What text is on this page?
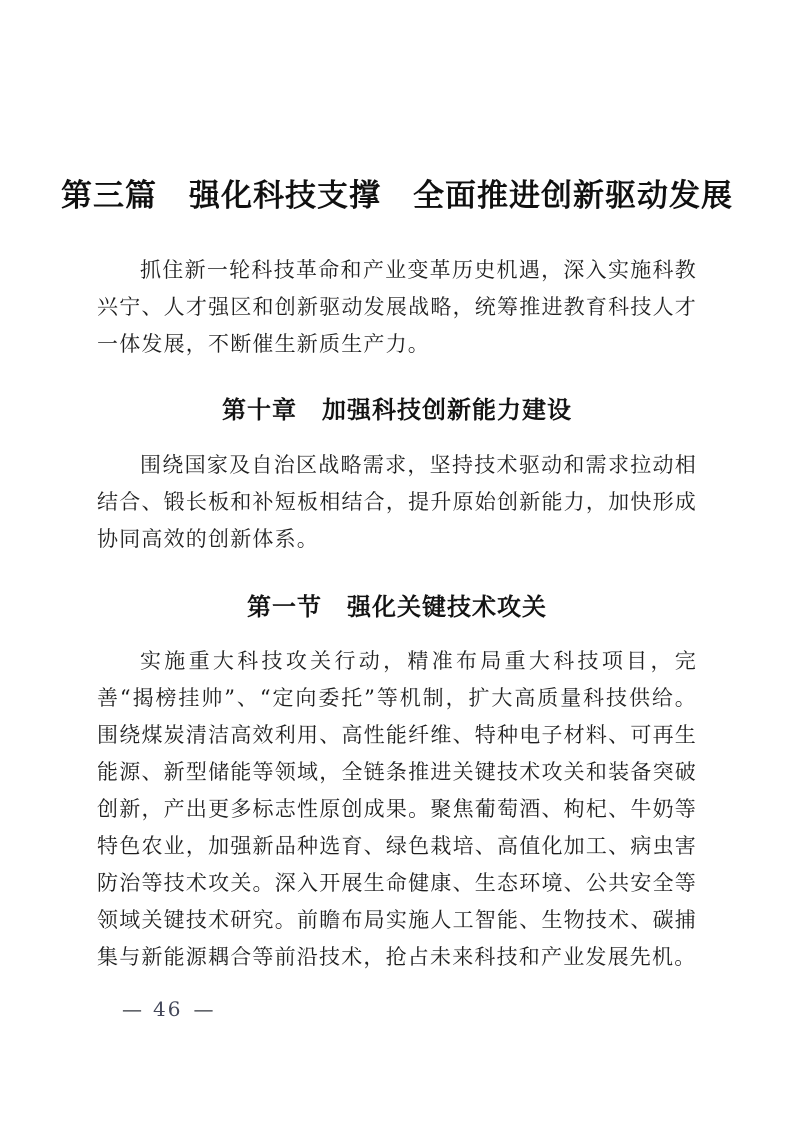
第三篇　强化科技支撑　全面推进创新驱动发展

抓住新一轮科技革命和产业变革历史机遇，深入实施科教兴宁、人才强区和创新驱动发展战略，统筹推进教育科技人才一体发展，不断催生新质生产力。

第十章　加强科技创新能力建设

围绕国家及自治区战略需求，坚持技术驱动和需求拉动相结合、锻长板和补短板相结合，提升原始创新能力，加快形成协同高效的创新体系。

第一节　强化关键技术攻关

实施重大科技攻关行动，精准布局重大科技项目，完善“揭榜挂帅”、“定向委托”等机制，扩大高质量科技供给。围绕煤炭清洁高效利用、高性能纤维、特种电子材料、可再生能源、新型储能等领域，全链条推进关键技术攻关和装备突破创新，产出更多标志性原创成果。聚焦葡萄酒、枸杞、牛奶等特色农业，加强新品种选育、绿色栽培、高值化加工、病虫害防治等技术攻关。深入开展生命健康、生态环境、公共安全等领域关键技术研究。前瞻布局实施人工智能、生物技术、碳捕集与新能源耦合等前沿技术，抢占未来科技和产业发展先机。

— 46 —
